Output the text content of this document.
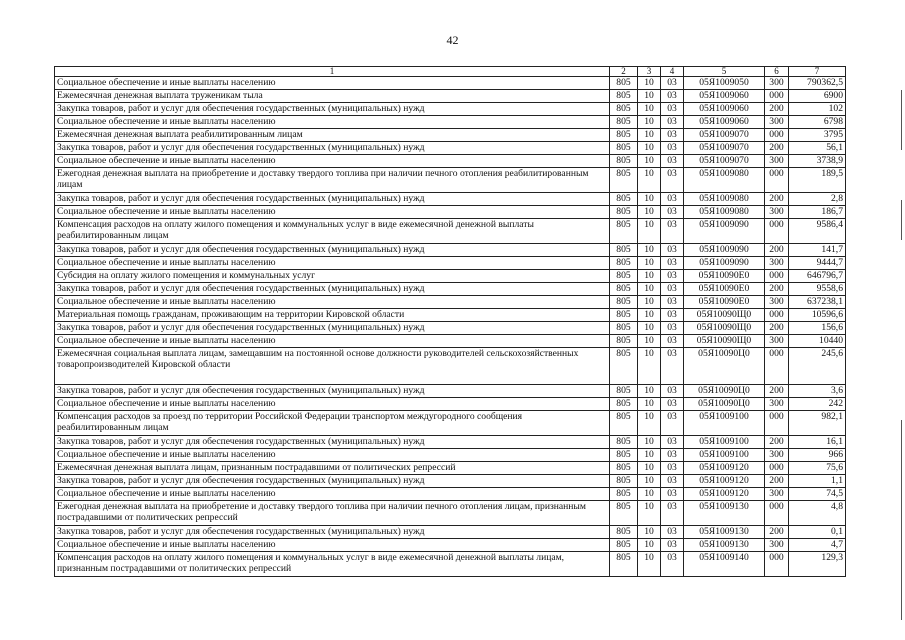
42
1	2	3	4	5	6	7
Социальное обеспечение и иные выплаты населению	805	10	03	05Я1009050	300	790362,5
Ежемесячная денежная выплата труженикам тыла	805	10	03	05Я1009060	000	6900
Закупка товаров, работ и услуг для обеспечения государственных (муниципальных) нужд	805	10	03	05Я1009060	200	102
Социальное обеспечение и иные выплаты населению	805	10	03	05Я1009060	300	6798
Ежемесячная денежная выплата реабилитированным лицам	805	10	03	05Я1009070	000	3795
Закупка товаров, работ и услуг для обеспечения государственных (муниципальных) нужд	805	10	03	05Я1009070	200	56,1
Социальное обеспечение и иные выплаты населению	805	10	03	05Я1009070	300	3738,9
Ежегодная денежная выплата на приобретение и доставку твердого топлива при наличии печного отопления реабилитированным лицам	805	10	03	05Я1009080	000	189,5
Закупка товаров, работ и услуг для обеспечения государственных (муниципальных) нужд	805	10	03	05Я1009080	200	2,8
Социальное обеспечение и иные выплаты населению	805	10	03	05Я1009080	300	186,7
Компенсация расходов на оплату жилого помещения и коммунальных услуг в виде ежемесячной денежной выплаты реабилитированным лицам	805	10	03	05Я1009090	000	9586,4
Закупка товаров, работ и услуг для обеспечения государственных (муниципальных) нужд	805	10	03	05Я1009090	200	141,7
Социальное обеспечение и иные выплаты населению	805	10	03	05Я1009090	300	9444,7
Субсидия на оплату жилого помещения и коммунальных услуг	805	10	03	05Я10090Е0	000	646796,7
Закупка товаров, работ и услуг для обеспечения государственных (муниципальных) нужд	805	10	03	05Я10090Е0	200	9558,6
Социальное обеспечение и иные выплаты населению	805	10	03	05Я10090Е0	300	637238,1
Материальная помощь гражданам, проживающим на территории Кировской области	805	10	03	05Я10090Щ0	000	10596,6
Закупка товаров, работ и услуг для обеспечения государственных (муниципальных) нужд	805	10	03	05Я10090Щ0	200	156,6
Социальное обеспечение и иные выплаты населению	805	10	03	05Я10090Щ0	300	10440
Ежемесячная социальная выплата лицам, замещавшим на постоянной основе должности руководителей сельскохозяйственных товаропроизводителей Кировской области	805	10	03	05Я10090Ц0	000	245,6
Закупка товаров, работ и услуг для обеспечения государственных (муниципальных) нужд	805	10	03	05Я10090Ц0	200	3,6
Социальное обеспечение и иные выплаты населению	805	10	03	05Я10090Ц0	300	242
Компенсация расходов за проезд по территории Российской Федерации транспортом междугородного сообщения реабилитированным лицам	805	10	03	05Я1009100	000	982,1
Закупка товаров, работ и услуг для обеспечения государственных (муниципальных) нужд	805	10	03	05Я1009100	200	16,1
Социальное обеспечение и иные выплаты населению	805	10	03	05Я1009100	300	966
Ежемесячная денежная выплата лицам, признанным пострадавшими от политических репрессий	805	10	03	05Я1009120	000	75,6
Закупка товаров, работ и услуг для обеспечения государственных (муниципальных) нужд	805	10	03	05Я1009120	200	1,1
Социальное обеспечение и иные выплаты населению	805	10	03	05Я1009120	300	74,5
Ежегодная денежная выплата на приобретение и доставку твердого топлива при наличии печного отопления лицам, признанным пострадавшими от политических репрессий	805	10	03	05Я1009130	000	4,8
Закупка товаров, работ и услуг для обеспечения государственных (муниципальных) нужд	805	10	03	05Я1009130	200	0,1
Социальное обеспечение и иные выплаты населению	805	10	03	05Я1009130	300	4,7
Компенсация расходов на оплату жилого помещения и коммунальных услуг в виде ежемесячной денежной выплаты лицам, признанным пострадавшими от политических репрессий	805	10	03	05Я1009140	000	129,3
